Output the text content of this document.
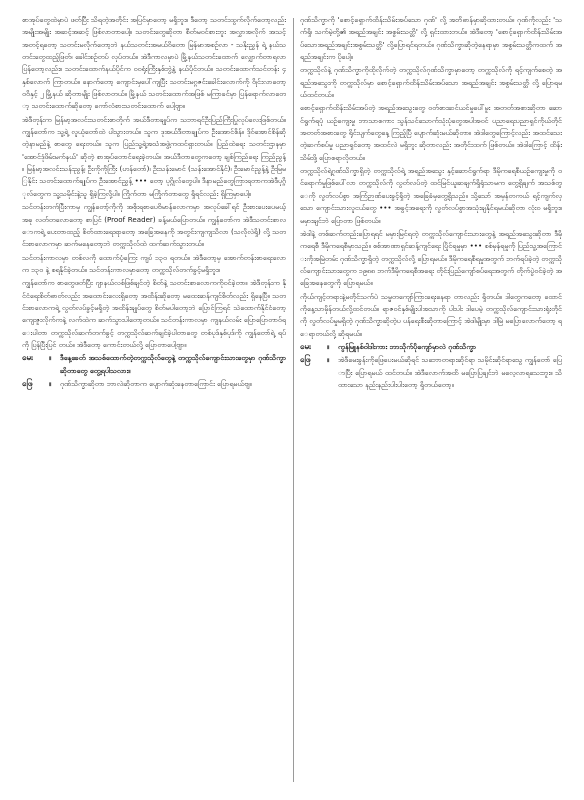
စာအုပ်တွေထဲမှာပဲ ဖတ်ပြီး သိရတဲ့အတိုင်း အပြင်မှာတော့ မရှိဘူး။ ဒီတော့ သတင်းထွက်လိုက်တော့လည်း အမျိုးအမျိုး အဆင့်အဆင့် ဖြစ်လာတာပေါ့။ သတင်းတွေဆိုတာ စီတ်မ၀င်စားဘူး အလွှာအလိုက် အသင့်အတင့်ရတော့ သတင်းမလိုက်တော့ဘဲ နယ်သတင်းအမယ်ဝိတော မြန်မာအစဉ်လာ - သနိုးညွှန် ရဲ့ နယ်သတင်းတွေထည့်ဖြတ်၊ ခေါင်းစဉ်တပ် လုပ်တယ်။ အဲဒီကာလမှာပဲ မြို့နယ်သတင်းထောက် လျှောက်တာရလာ ပြန်တော့လည်း။ သတင်းထောက်နယ်ပိုင်က ၀၀ရုံးကြီးနှစ်ဘွဲ့နဲ့ နယ်ပိုင်တယ်။ သတင်းထောက်သင်တန်း ၄ နှစ်လောက် ကြာတယ်။ နောက်တော့ ကျောင်းမှပေါ်ကျပြီး သတင်းမဂ္ဂဇင်းခေါင်းလောက်ကို ၀ိုင်းလာတော့ ၀၀ိနှင့် ၂ မြို့နယ် ဆိုတာမျိုး ဖြစ်လာတယ်။ မြို့နယ် သတင်းထောက်အဖြစ် မကြာခင်မှာ ပြန်ရောက်လာတော့ သတင်းထောက်ဆိုတော့ ကော်လံစားသတင်းထောက် ပေါ့ဗျာ။

အဲဒီတုန်းက မြန်မာ့အလင်းသတင်းစာတိုက် အယ်ဒီတာချုပ်က သဘာရင်ဦးပြည်ကြီးပြုလုပ်လေးဖြစ်တယ်။ ကျွန်တော်က သူ့ရဲ့ လူယုံတော်ထဲ ပါသွားတယ်။ သူက ဒုအယ်ဒီတာချုပ်က ဦးအောင်စိန်။ ဒိုဝ်အောင်စိန်ဆိုတဲ့နာမည်နဲ့ စာတွေ ရေးတယ်။ သူက ပြည်သူ့ရဲ့အသံအဖွဲ့ကထင်ရှားတယ်။ ပြည်ထဲရေး သတင်းဌာနမှာ 'အောင်ဒုံဖိမ်းမက်နယ်' ဆိုတဲ့ စာအုပ်တောင်ရေးခဲ့တယ်။ အယ်ဒီတာတွေကတော့ ချစ်ကြည်ရေး ကြည်ညွန့်။ မြန်မာ့အလင်းသန်းညွန့်၊ ဦးကိုကိုကြီး (ဟန်တော်)၊ ဦးသန်းမောင် (သန်းအောင်နိုင်)၊ ဦးမောင်ညွန့်နဲ့ ဦးမြမြနိုင်း သတင်းထောက်ချုပ်က ဦးအောင်ညွှန့် ••• တော့ ပုဂ္ဂိုလ်တွေပါ။ ဒီနာမည်တွေကြားရတာကအဲဒီပုဂ္ဂိုလ်တွေက သူ့သမိုင်းနဲ့သူ ရှိခဲ့ကြလို့ပါ။ ကြိုက်တာ မကြိုက်တာတွေ ရှိရင်လည်း ရှိကြမှာပေါ့။

သင်တန်းတက်ပြီးကာမှ ကျွန်တော့်ကိုကို အစိုးရစာပေဗိမာန်လောကမှာ အလုပ်ခေါ်ရင် ဦးစားပေးပေမယ့် အခု လတ်တလောတော့ စာပြင် (Proof Reader) ခန့်မယ်ပြောတယ်။ ကျွန်တော်က အဲဒီသတင်းစာလောကရဲ့ ပေးတာထည့် စိတ်ထားရေးရာတော့ အခြေအနေကို အတွင်းကျကျသိလာ (သလိုလဲရှိ) လို့ သတင်းစာလောကမှာ ဆက်မနေတော့ဘဲ တက္ကသိုလ်ထဲ ထက်ဆက်သွားတယ်။

သင်တန်းကာလမှာ တစ်လကို ထောက်ပံ့ကြေး ကျပ် ၁၃၀ ရတယ်။ အဲဒီတော့မှ အောက်တန်းစာရေးလောက ၁၃၀ နဲ့ စရနိုင်ခဲ့တယ်။ သင်တန်းကာလမှာတော့ တက္ကသိုလ်တက်ခွင့်မရှိဘူး။

ကျွန်တော်က စာတွေဖတ်ပြီး ဂျာနယ်လစ်ဖြစ်ချင်တဲ့ စိတ်နဲ့ သတင်းစာလောကကို၀င်ခဲ့တာ။ အဲဒီတုန်းက နိုင်ငံရေးစိတ်ဓာတ်လည်း အထောင်းလေးရှိတော့ အထိန်းဆိုတော့ မထေးဆန်ကျင်စိတ်လည်း ရှိနေပြီ။ သတင်းစာလောကရဲ့ လွတ်လပ်ခွင့်မရှိတဲ့ အထိန်းချုပ်တွေ စိတ်မပါတော့ဘဲ ပြောင်ကြရင် သဲထောက်နိုင်ငံတော့ ကျေးဇူးလိုက်ကနဲ့ လက်ထဲက ဆက်သွားပါတော့တယ်။ သင်တန်းကာလမှာ ကျနယ်လမ်း ပြောပြောတာဝ်ရေးပါတာ တက္ကသိုလ်ဆက်တက်ခွင့် တက္ကသိုလ်ဆက်ချင်ခဲ့ပါတာတွေ တစ်ပုဒ်နှစ်ပုဒ်ကို ကျွန်တော်ရဲ့ ရပ်ကို ပြန်ပြီးပြင် တယ်။ အဲဒီတော့ ကောင်းတယ်လို့ ပြောတာပေါ့ဗျာ။

မေး	။ ဒီနေ့ခေတ် အသစ်ထောက်တဲ့တက္ကသိုလ်တွေနဲ့ တက္ကသိုလ်ကျောင်းသားတွေမှာ ဂုဏ်သိက္ခာဆိုတာတွေ တွေ့ရပါသလား။

ဖြေ	။ ဂုဏ်သိက္ခာဆိုတာ ဘာလဲဆိုတာက ပျောက်ဆုံးနေတာကြောင်း ပြောရမယ်ဗျ။

ဂုဏ်သိက္ခာကို 'စောင့်ရှောက်ထိန်းသိမ်းအပ်သော ဂုဏ်' လို့ အဘိဓာန်မှာဆိုထားတယ်။ ဂုဏ်ကိုလည်း 'သက်ရှိ၊ သက်မဲ့တို့၏ အရည်အချင်း အစွမ်းသတ္တိ' လို့ ရှင်းထားတယ်။ အဲဒီတော့ 'စောင့်ရှောက်ထိန်းသိမ်းအပ်သောအရည်အချင်းအစွမ်းသတ္တိ' လို့ပြောရင်ရတယ်။ ဂုဏ်သိက္ခာဆိုတဲ့နေရာမှာ အစွမ်းသတ္တိကထက် အရည်အချင်းက ပိုပေါ့။

တက္ကသိုလ်နဲ့ ဂုဏ်သိက္ခာကိုထိုလိုက်တဲ့ တက္ကသိုလ်ဂုဏ်သိက္ခာမှာတော့ တက္ကသိုလ်ကို ရင့်ကျက်စေတဲ့ အရည်အသွေးကို တက္ကသိုလ်မှာ စောင့်ရှောက်ထိန်းသိမ်းအပ်သော အရည်အချင်း အစွမ်းသတ္တိ လို့ ပြောရမယ်ထင်တယ်။

စောင့်ရှောက်ထိန်းသိမ်းအပ်တဲ့ အရည်အသွေးတွေ ၀တ်စားဆင်ယင်မှုပေါ်မူး အတတ်အစားဆိုတာ ဆောင်ရွက်ရပုံ ယဉ်ကျေးမှု ဘာသာစကား သွန်သင်သောက်သုံးပုံတွေအပါအ၀င် ပညာရေးပညာရှင်ကိုယ်တိုင် အတတ်အစားတွေ ရိုင်းပျက်တွေနေ့ ကြည့်ပြီ ပျောက်ဆုံးမယ်ဆိုတာ။ အဲဒါတွေကြောင့်လည်း အထင်သေးတဲ့ဆက်စပ်မှု ပညာရှင်တော့ အထင်လဲ မရှိဘူး ဆိုတာလည်း အတိုင်းထက် ဖြစ်တယ်။ အဲဒါကြောင့် ထိန်းသိမ်းဖို့ ပြောစရာလိုတယ်။

တက္ကသိုလ်ရဲ့ဂုဏ်သိက္ခာရှိတဲ့ တက္ကသိုလ်ရဲ့ အရည်အသွေး နှင့်ဆောင်ရွက်ရာ ဒီမိုကရေစီယဉ်ကျေးမှုကို ၀င်ရောက်မှုဖြစ်ပေါ်လာ တက္ကသိုလ်ကို လွတ်လပ်တဲ့ ထင်မြင်ယူဆချက်ရှိရုံသာမက တွေ့ရှိချက် အသစ်တွေကို လွတ်လပ်စွာ အကြံဉာဏ်ပေးခွင့်ရှိတဲ့ အခြေခံမှတွေ့ရှိသည်။ သို့သော် အမှန်တကယ် ရင့်ကျက်လှသော ကျောင်းသားလူငယ်တွေ ••• အခွင့်အရေးကို လွတ်လပ်စွာအသုံးချနိုင်ရမယ်ဆိုတာ လုံးဝ မရှိဘူး။ မမှားချင်ဘဲ ပြောတာ ဖြစ်တယ်။

အဲဒါနဲ့ တစ်ဆက်တည်းပြောရရင် မမှားမြင်ရတဲ့ တက္ကသိုလ်ကျောင်းသားတွေနဲ့ အရည်အသွေးဆိုတာ ဒီမိုကရေစီ ဒီမိုကရေစီမှာသည်။ စစ်အာဏာရှင်ဆန့်ကျင်ရေး ပြိုင်ရမှုမှာ ••• စစ်မှန်ရမှုကို ပြည်သူ့အကြောင်းကိုအမြဲတမ်း ဂုဏ်သိက္ခာရှိတဲ့ တက္ကသိုလ်လို့ ပြောရမယ်။ ဒီမိုကရေစီရမှုအတွက် ဘက်ရပ်ခဲ့တဲ့ တက္ကသိုလ်ကျောင်းသားတွေက ၁၉၈၈ ဘက်ဒီမိုကရေစီအရေး တိုင်းပြည်ကျော်စပ်ရေးအတွက် တိုက်ပွဲ၀င်ခဲ့တဲ့ အခြေအနေတွေကို ပြောရမယ်။

ကိုယ်ကျင့်တရားနဲ့မတိုင်သက်ပဲ သမ္မတကျော်ကြားရေးနေရာ တာလည်း ရှိတယ်။ ဒါတွေကတော့ ထောင်ကိုနေ့သာမှိန်တယ်လို့ထင်တယ်။ ရာဇ၀င်နှစ်မျိုးပါအသာကို ပါးပါး ဒါပေမဲ့ တက္ကသိုလ်ကျောင်းသားရုံးတိုင်ကို လွတ်လပ်မှုမရှိတဲ့ ဂုဏ်သိက္ခာဆိုတဲ့ပ ပန်ရေးစီးဆိုတာကြောင့် အဲဒါမျိုးမှာ ဒါမြဲ မပြောလောက်တော့ ရေရာတယ်လို့ ဆိုရမယ်။

မေး	။ ကွန်မြူနစ်ဝါဒါးကား ဘာသိုက်ပိုကျော်မှာလဲ ဂုဏ်သိက္ခာ

ဖြေ	။ အဲဒီမေးခွန်းကိုဖြေပေးမယ်ဆိုရင် သဘောတရားဆိုင်ရာ သမိုင်းဆိုင်ရာသွေ ကျွန်တော် ပြောပြီး ပြောရမယ် ထင်တယ်။ အဲဒီလောက်အထိ မပြောပြချင်ဘဲ မလေ့လာရသေးဘူး။ သိထားသော နည်းနည်းပါးပါးတော့ ရှိတယ်တော့။
